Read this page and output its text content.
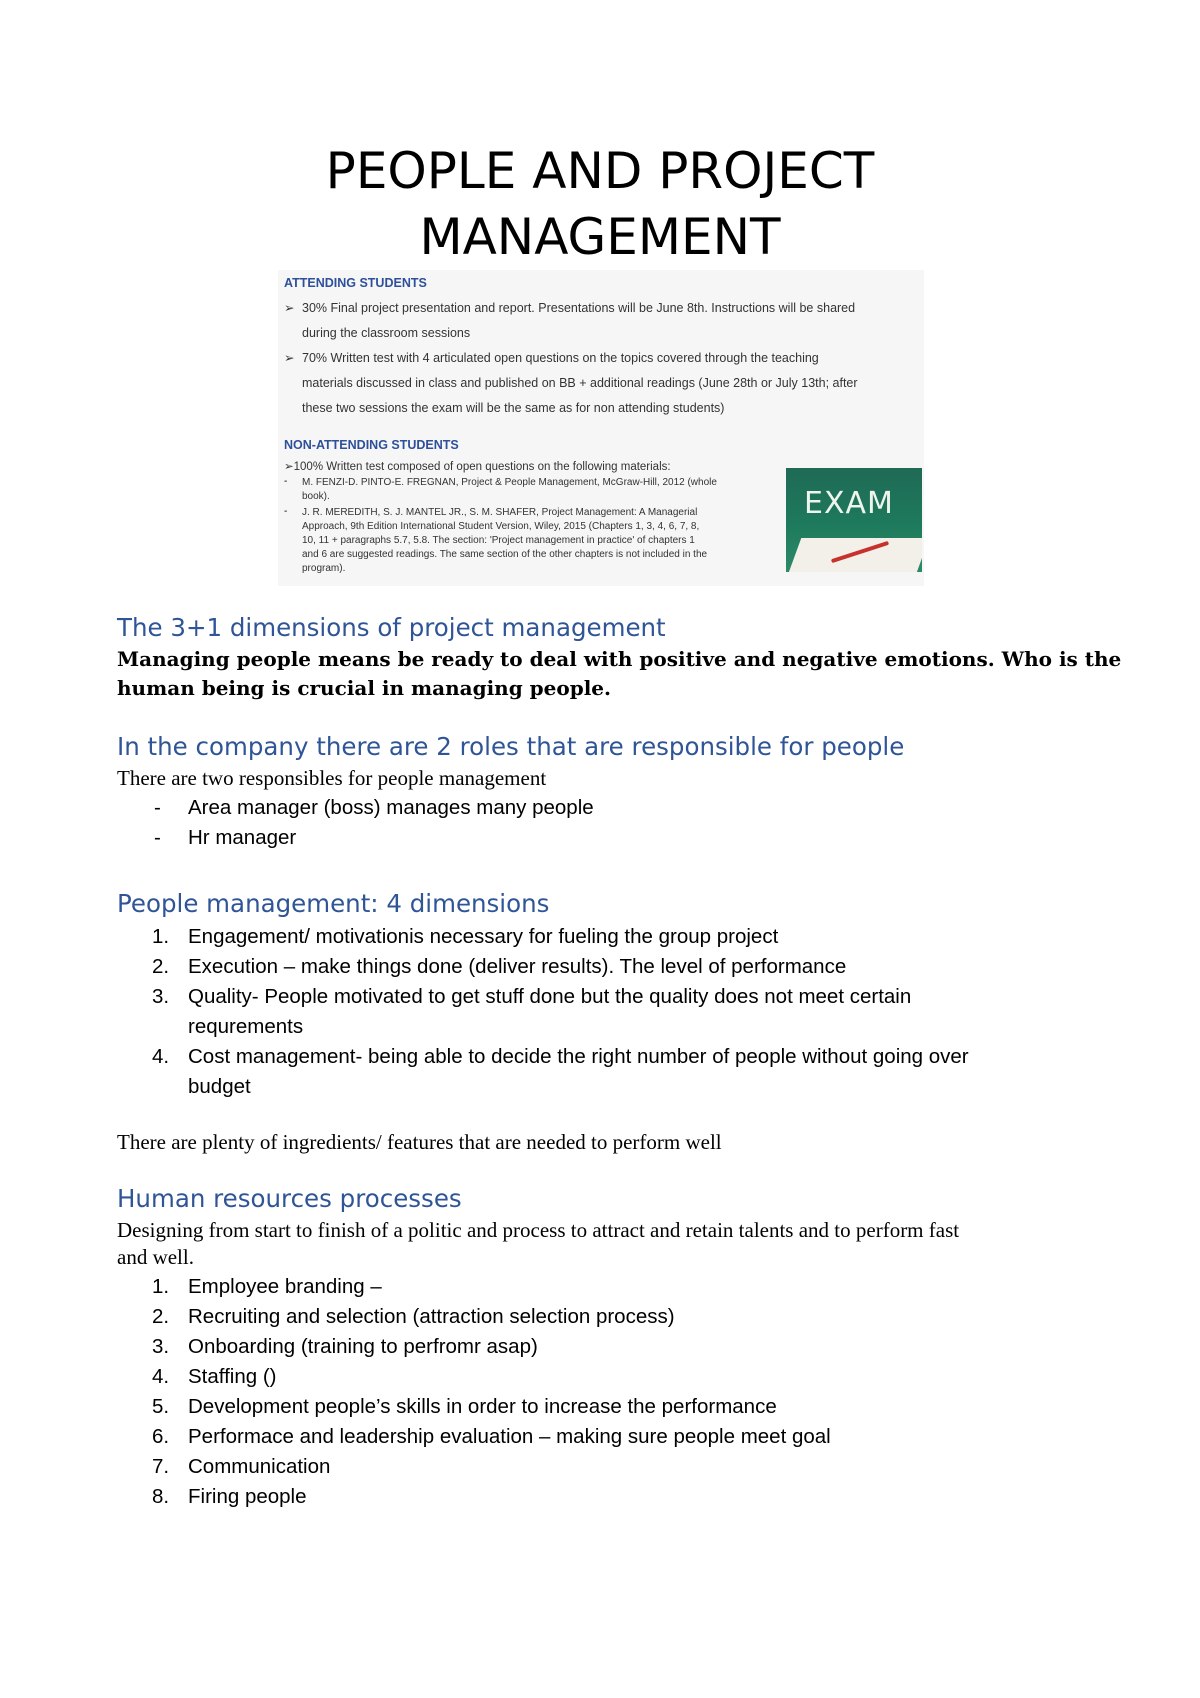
PEOPLE AND PROJECT
MANAGEMENT
ATTENDING STUDENTS
➢ 30% Final project presentation and report. Presentations will be June 8th. Instructions will be shared
during the classroom sessions
➢ 70% Written test with 4 articulated open questions on the topics covered through the teaching
materials discussed in class and published on BB + additional readings (June 28th or July 13th; after
these two sessions the exam will be the same as for non attending students)
NON-ATTENDING STUDENTS
➢100% Written test composed of open questions on the following materials:
- M. FENZI-D. PINTO-E. FREGNAN, Project & People Management, McGraw-Hill, 2012 (whole
book).
- J. R. MEREDITH, S. J. MANTEL JR., S. M. SHAFER, Project Management: A Managerial
Approach, 9th Edition International Student Version, Wiley, 2015 (Chapters 1, 3, 4, 6, 7, 8,
10, 11 + paragraphs 5.7, 5.8. The section: 'Project management in practice' of chapters 1
and 6 are suggested readings. The same section of the other chapters is not included in the
program).
EXAM
The 3+1 dimensions of project management
Managing people means be ready to deal with positive and negative emotions. Who is the
human being is crucial in managing people.
In the company there are 2 roles that are responsible for people
There are two responsibles for people management
- Area manager (boss) manages many people
- Hr manager
People management: 4 dimensions
1. Engagement/ motivationis necessary for fueling the group project
2. Execution – make things done (deliver results). The level of performance
3. Quality- People motivated to get stuff done but the quality does not meet certain
requrements
4. Cost management- being able to decide the right number of people without going over
budget
There are plenty of ingredients/ features that are needed to perform well
Human resources processes
Designing from start to finish of a politic and process to attract and retain talents and to perform fast
and well.
1. Employee branding –
2. Recruiting and selection (attraction selection process)
3. Onboarding (training to perfromr asap)
4. Staffing ()
5. Development people’s skills in order to increase the performance
6. Performace and leadership evaluation – making sure people meet goal
7. Communication
8. Firing people
